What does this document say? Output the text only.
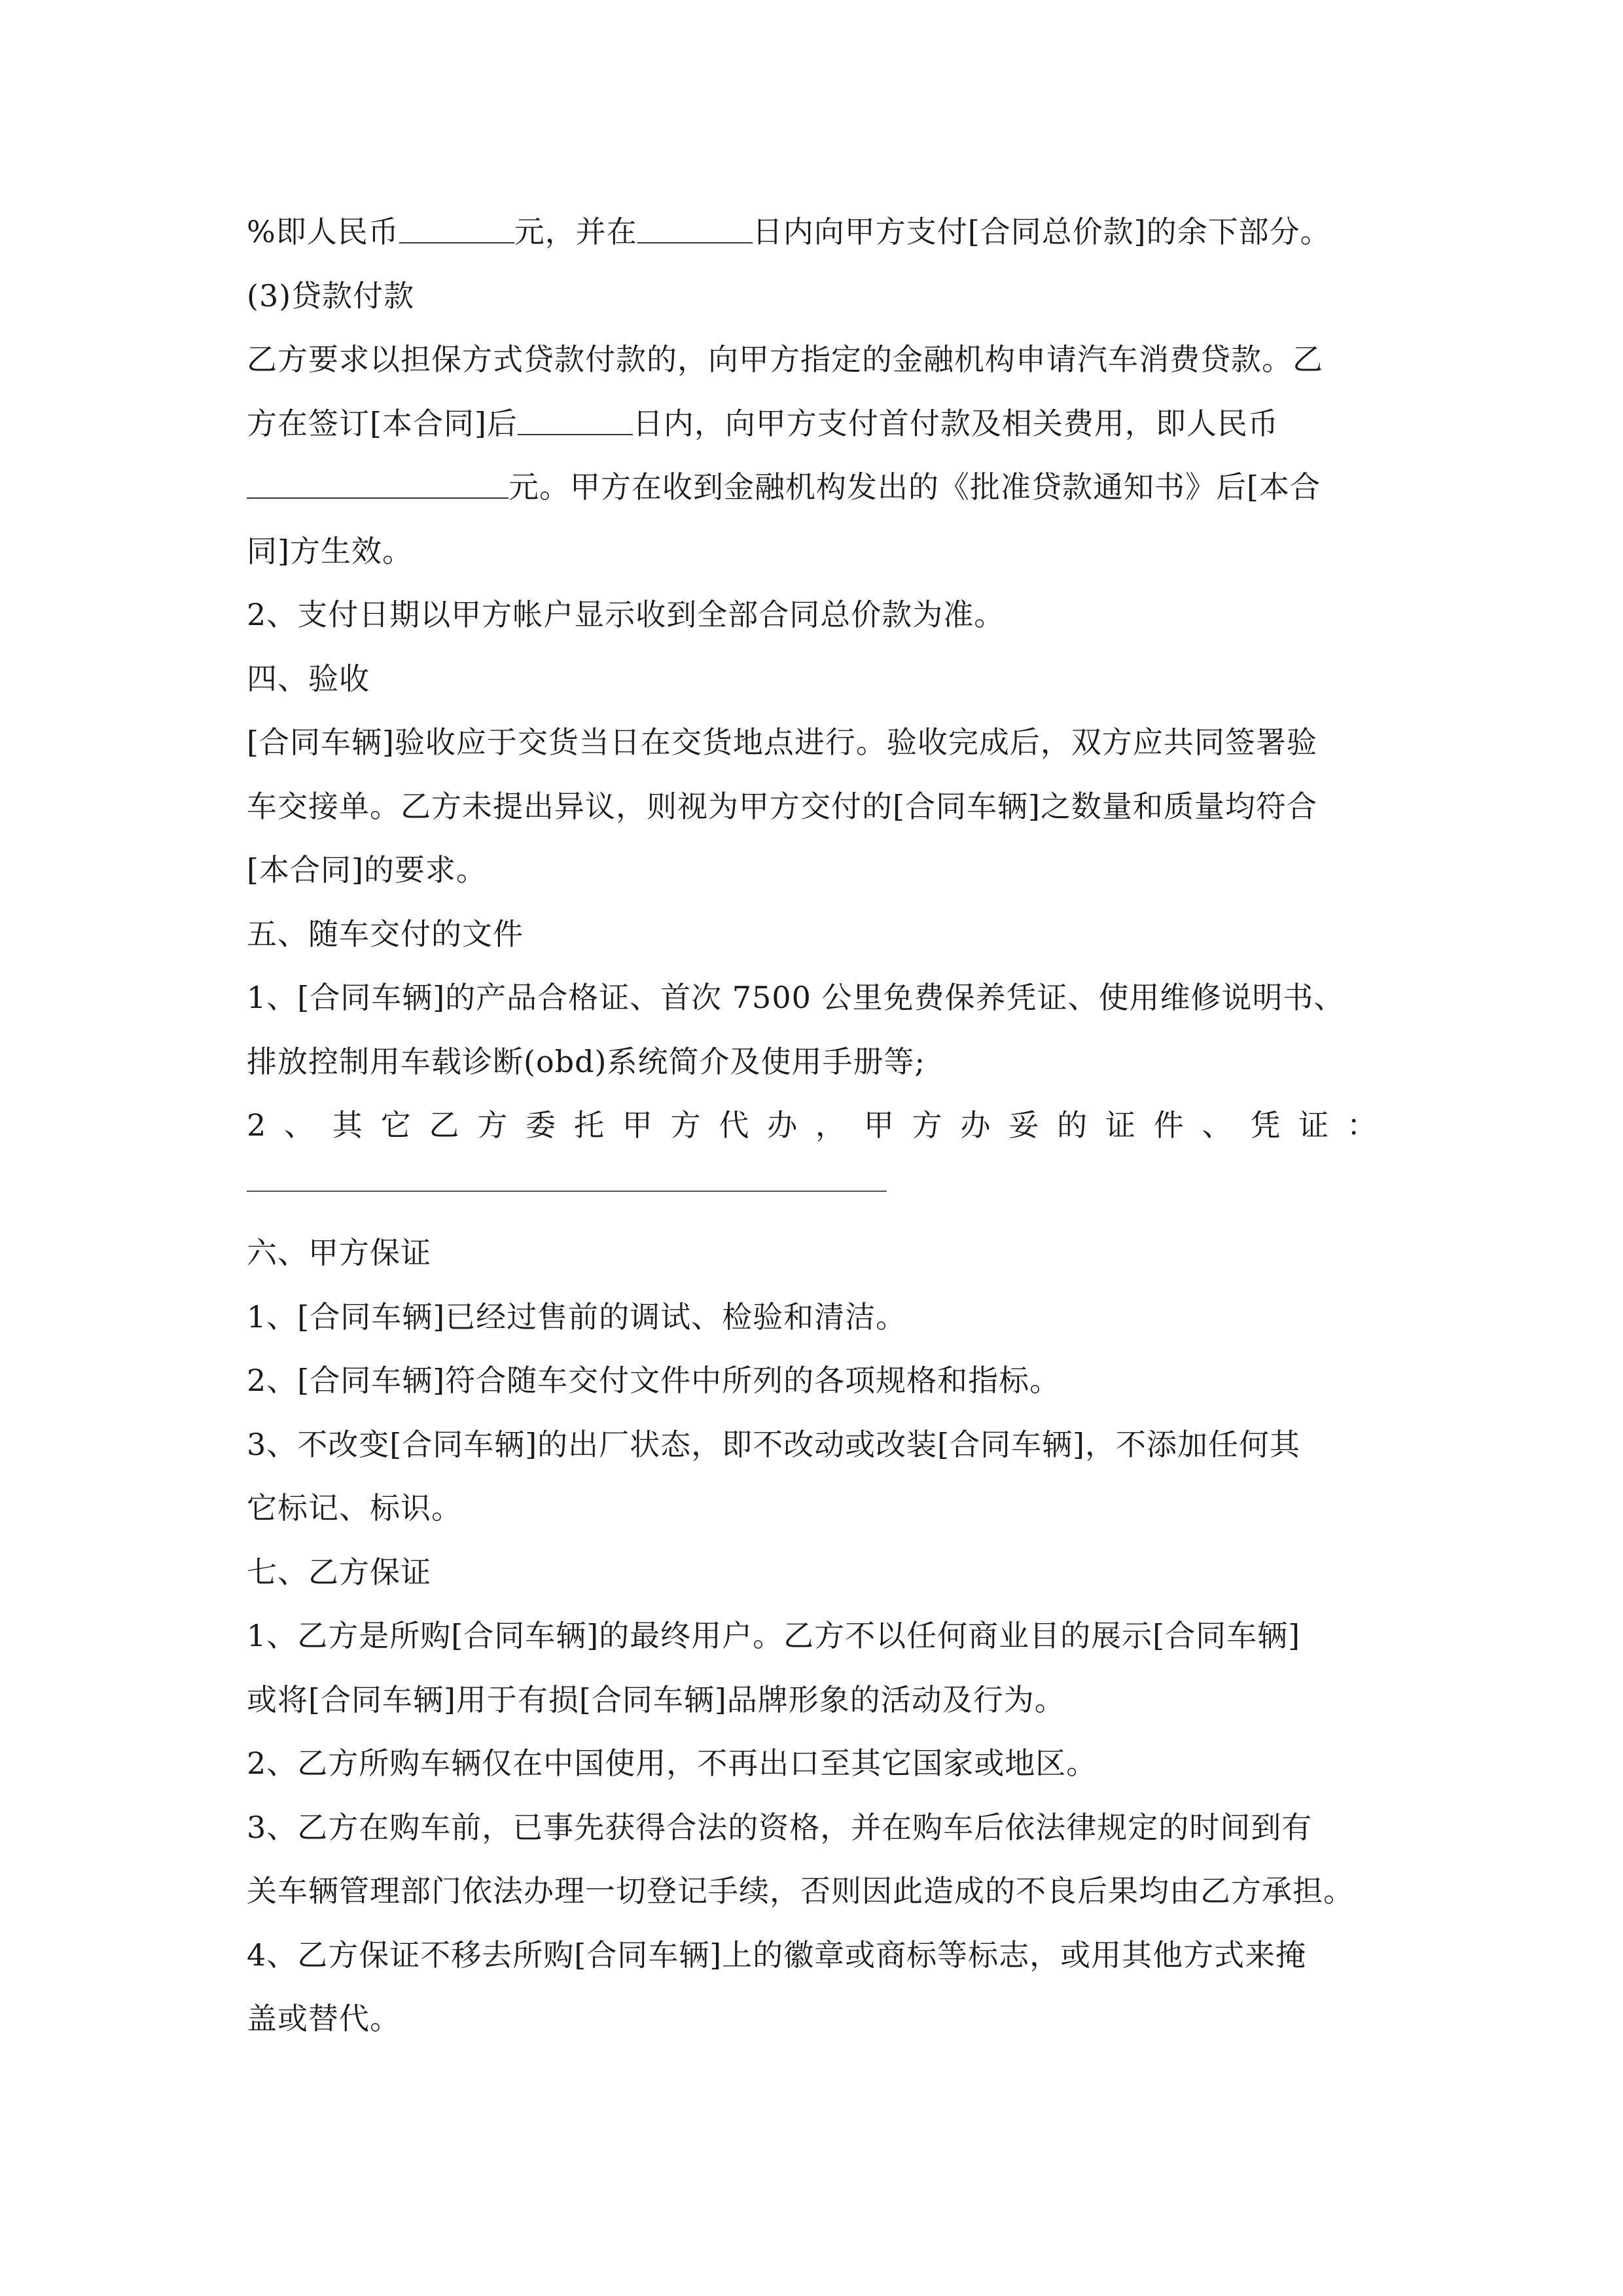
%即人民币	元，并在	日内向甲方支付[合同总价款]的余下部分。
(3)贷款付款
乙方要求以担保方式贷款付款的，向甲方指定的金融机构申请汽车消费贷款。乙
方在签订[本合同]后	日内，向甲方支付首付款及相关费用，即人民币
元。甲方在收到金融机构发出的《批准贷款通知书》后[本合
同]方生效。
2、支付日期以甲方帐户显示收到全部合同总价款为准。
四、验收
[合同车辆]验收应于交货当日在交货地点进行。验收完成后，双方应共同签署验
车交接单。乙方未提出异议，则视为甲方交付的[合同车辆]之数量和质量均符合
[本合同]的要求。
五、随车交付的文件
1、[合同车辆]的产品合格证、首次 7500 公里免费保养凭证、使用维修说明书、
排放控制用车载诊断(obd)系统简介及使用手册等;
2 、 其 它 乙 方 委 托 甲 方 代 办 ， 甲 方 办 妥 的 证 件 、 凭 证 ：
六、甲方保证
1、[合同车辆]已经过售前的调试、检验和清洁。
2、[合同车辆]符合随车交付文件中所列的各项规格和指标。
3、不改变[合同车辆]的出厂状态，即不改动或改装[合同车辆]，不添加任何其
它标记、标识。
七、乙方保证
1、乙方是所购[合同车辆]的最终用户。乙方不以任何商业目的展示[合同车辆]
或将[合同车辆]用于有损[合同车辆]品牌形象的活动及行为。
2、乙方所购车辆仅在中国使用，不再出口至其它国家或地区。
3、乙方在购车前，已事先获得合法的资格，并在购车后依法律规定的时间到有
关车辆管理部门依法办理一切登记手续，否则因此造成的不良后果均由乙方承担。
4、乙方保证不移去所购[合同车辆]上的徽章或商标等标志，或用其他方式来掩
盖或替代。
